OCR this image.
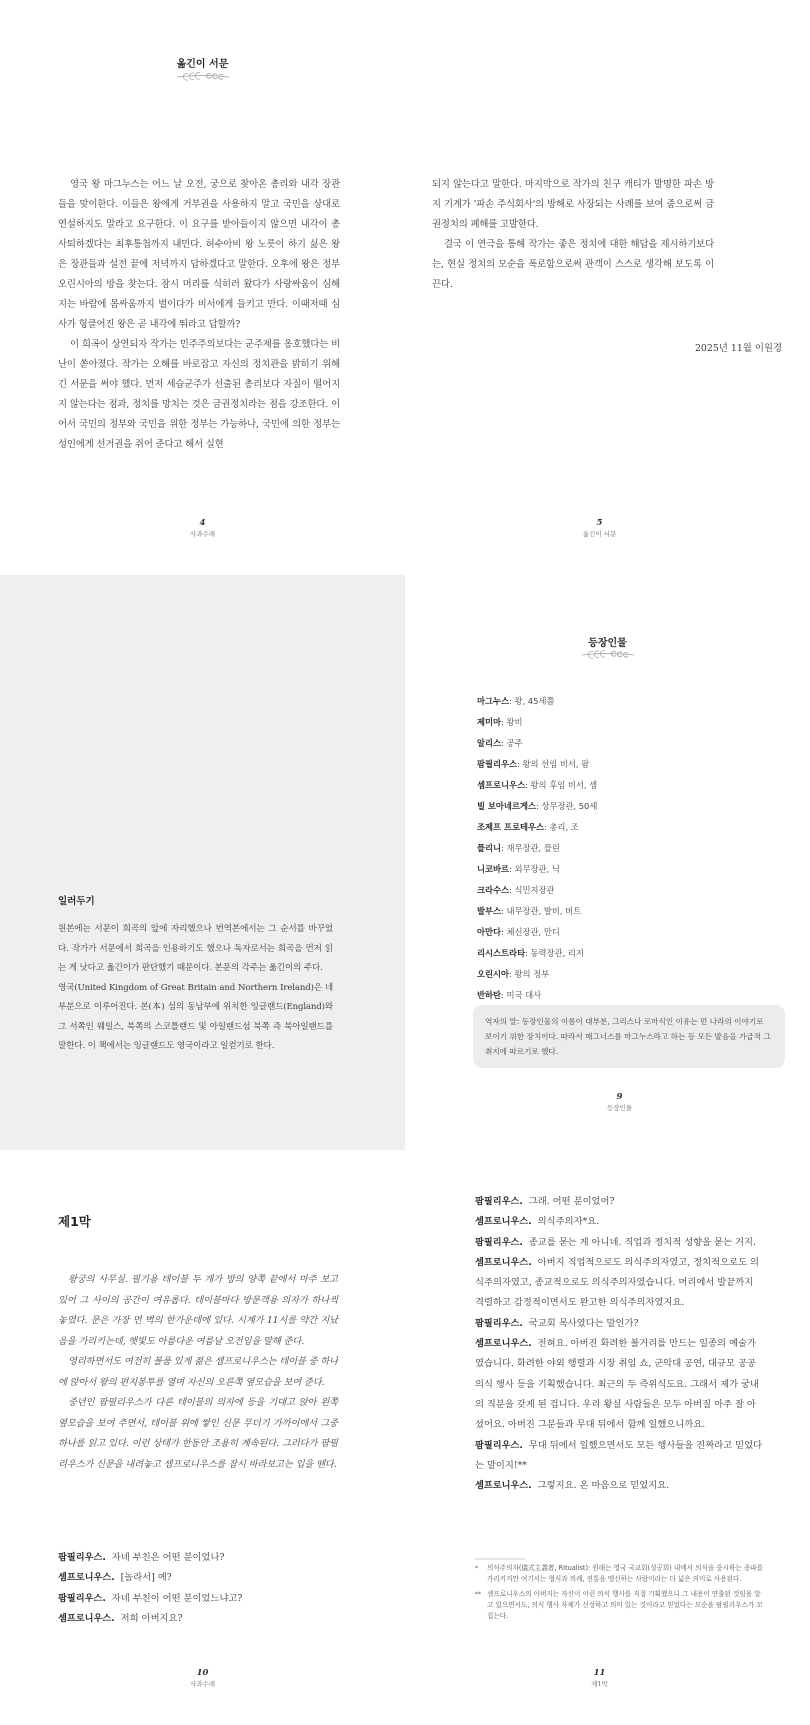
옮긴이 서문

영국 왕 마그누스는 어느 날 오전, 궁으로 찾아온 총리와 내각 장관들을 맞이한다. 이들은 왕에게 거부권을 사용하지 말고 국민을 상대로 연설하지도 말라고 요구한다. 이 요구를 받아들이지 않으면 내각이 총사퇴하겠다는 최후통첩까지 내민다. 허수아비 왕 노릇이 하기 싫은 왕은 장관들과 설전 끝에 저녁까지 답하겠다고 말한다. 오후에 왕은 정부 오린시아의 방을 찾는다. 잠시 머리를 식히러 왔다가 사랑싸움이 심해지는 바람에 몸싸움까지 벌이다가 비서에게 들키고 만다. 이때저때 심사가 헝클어진 왕은 곧 내각에 뛰라고 답할까?

이 희곡이 상연되자 작가는 민주주의보다는 군주제를 옹호했다는 비난이 쏟아졌다. 작가는 오해를 바로잡고 자신의 정치관을 밝히기 위해 긴 서문을 써야 했다. 먼저 세습군주가 선출된 총리보다 자질이 떨어지지 않는다는 점과, 정치를 망치는 것은 금권정치라는 점을 강조한다. 이어서 국민의 정부와 국민을 위한 정부는 가능하나, 국민에 의한 정부는 성인에게 선거권을 쥐어 준다고 해서 실현

4
사과수레

되지 않는다고 말한다. 마지막으로 작가의 친구 캐티가 발명한 파손 방지 기계가 '파손 주식회사'의 방해로 사장되는 사례를 보여 줌으로써 금권정치의 폐해를 고발한다.

결국 이 연극을 통해 작가는 좋은 정치에 대한 해답을 제시하기보다는, 현실 정치의 모순을 폭로함으로써 관객이 스스로 생각해 보도록 이끈다.

2025년 11월 이원경
5
옮긴이 서문
일러두기

원본에는 서문이 희곡의 앞에 자리했으나 번역본에서는 그 순서를 바꾸었다. 작가가 서문에서 희곡을 인용하기도 했으나 독자로서는 희곡을 먼저 읽는 게 낫다고 옮긴이가 판단했기 때문이다. 본문의 각주는 옮긴이의 주다.

영국(United Kingdom of Great Britain and Northern Ireland)은 네 부분으로 이루어진다. 본(本) 섬의 동남부에 위치한 잉글랜드(England)와 그 서쪽인 웨일스, 북쪽의 스코틀랜드 및 아일랜드섬 북쪽 즉 북아일랜드를 말한다. 이 책에서는 잉글랜드도 영국이라고 일컫기로 한다.

등장인물
마그누스: 왕, 45세쯤
제미마: 왕비
알리스: 공주
팜필리우스: 왕의 선임 비서, 팜
셈프로니우스: 왕의 후임 비서, 셈
빌 보아네르게스: 상무장관, 50세
조제프 프로테우스: 총리, 조
플리니: 재무장관, 플린
니코바르: 외무장관, 닉
크라수스: 식민지장관
발부스: 내무장관, 발비, 버트
아만다: 체신장관, 만디
리시스트라타: 동력장관, 리지
오린시아: 왕의 정부
반하탄: 미국 대사
역자의 말: 등장인물의 이름이 대부분, 그리스나 로마식인 이유는 먼 나라의 이야기로 보이기 위한 장치이다. 따라서 매그너스를 마그누스라고 하는 등 모든 발음을 가급적 그 취지에 따르기로 했다.
9
등장인물
제1막

왕궁의 사무실. 필기용 테이블 두 개가 방의 양쪽 끝에서 마주 보고 있어 그 사이의 공간이 여유롭다. 테이블마다 방문객용 의자가 하나씩 놓였다. 문은 가장 먼 벽의 한가운데에 있다. 시계가 11시를 약간 지났음을 가리키는데, 햇빛도 아름다운 여름날 오전임을 말해 준다.

영리하면서도 여전히 볼품 있게 젊은 셈프로니우스는 테이블 중 하나에 앉아서 왕의 편지봉투를 열며 자신의 오른쪽 옆모습을 보여 준다.

중년인 팜필리우스가 다른 테이블의 의자에 등을 기대고 앉아 왼쪽 옆모습을 보여 주면서, 테이블 위에 쌓인 신문 무더기 가까이에서 그중 하나를 읽고 있다. 이런 상태가 한동안 조용히 계속된다. 그러다가 팜필리우스가 신문을 내려놓고 셈프로니우스를 잠시 바라보고는 입을 뗀다.

팜필리우스. 자네 부친은 어떤 분이었나?
셈프로니우스. [놀라서] 예?
팜필리우스. 자네 부친이 어떤 분이었느냐고?
셈프로니우스. 저희 아버지요?
10
사과수레
팜필리우스. 그래. 어떤 분이었어?
셈프로니우스. 의식주의자*요.
팜필리우스. 종교를 묻는 게 아니네. 직업과 정치적 성향을 묻는 거지.
셈프로니우스. 아버지 직업적으로도 의식주의자였고, 정치적으로도 의식주의자였고, 종교적으로도 의식주의자였습니다. 머리에서 발끝까지 격렬하고 감정적이면서도 완고한 의식주의자였지요.
팜필리우스. 국교회 목사였다는 말인가?
셈프로니우스. 전혀요. 아버진 화려한 볼거리를 만드는 일종의 예술가였습니다. 화려한 야외 행렬과 시장 취임 쇼, 군악대 공연, 대규모 공공 의식 행사 등을 기획했습니다. 최근의 두 즉위식도요. 그래서 제가 궁내의 직분을 갖게 된 겁니다. 우리 왕실 사람들은 모두 아버질 아주 잘 아셨어요. 아버진 그분들과 무대 뒤에서 함께 일했으니까요.
팜필리우스. 무대 뒤에서 일했으면서도 모든 행사들을 진짜라고 믿었다는 말이지!**
셈프로니우스. 그렇지요. 온 마음으로 믿었지요.
* 의식주의자(儀式主義者, Ritualist): 원래는 영국 국교회(성공회) 내에서 의식을 중시하는 종파를 가리키지만 여기서는 형식과 의례, 전통을 맹신하는 사람이라는 더 넓은 의미로 사용된다.
** 셈프로니우스의 아버지는 자신이 이런 의식 행사를 직접 기획했으니 그 내용이 연출된 것임을 알고 있으면서도, 의식 행사 자체가 신성하고 의미 있는 것이라고 믿었다는 모순을 팜필리우스가 꼬집는다.
11
제1막
